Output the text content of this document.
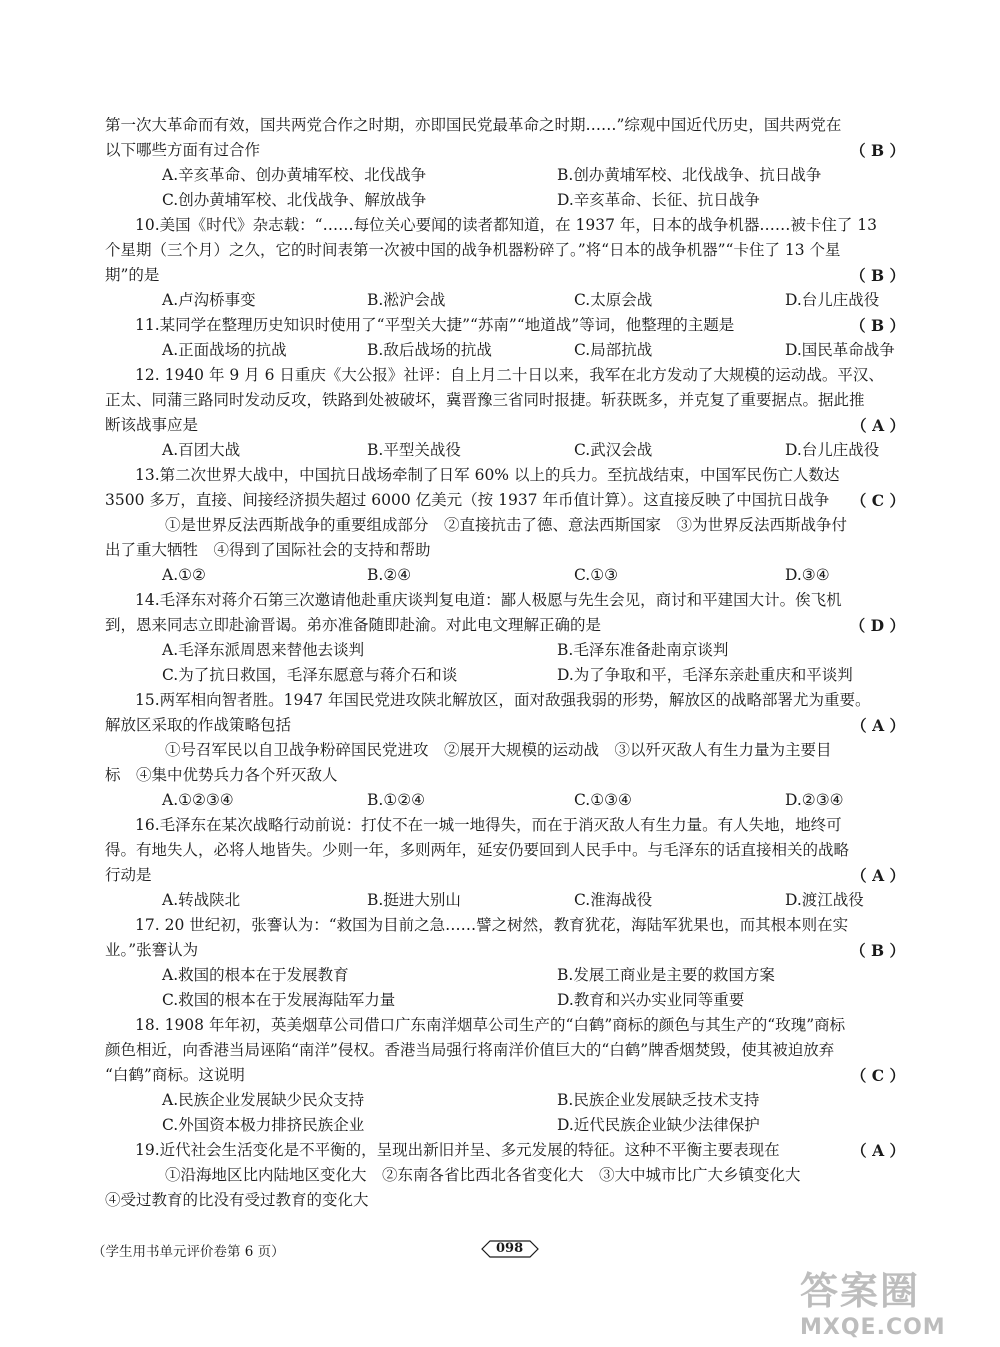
第一次大革命而有效，国共两党合作之时期，亦即国民党最革命之时期……”综观中国近代历史，国共两党在
以下哪些方面有过合作	（ B ）
A.辛亥革命、创办黄埔军校、北伐战争	B.创办黄埔军校、北伐战争、抗日战争
C.创办黄埔军校、北伐战争、解放战争	D.辛亥革命、长征、抗日战争
10.美国《时代》杂志载：“……每位关心要闻的读者都知道，在 1937 年，日本的战争机器……被卡住了 13
个星期（三个月）之久，它的时间表第一次被中国的战争机器粉碎了。”将“日本的战争机器”“卡住了 13 个星
期”的是	（ B ）
A.卢沟桥事变	B.淞沪会战	C.太原会战	D.台儿庄战役
11.某同学在整理历史知识时使用了“平型关大捷”“苏南”“地道战”等词，他整理的主题是	（ B ）
A.正面战场的抗战	B.敌后战场的抗战	C.局部抗战	D.国民革命战争
12. 1940 年 9 月 6 日重庆《大公报》社评：自上月二十日以来，我军在北方发动了大规模的运动战。平汉、
正太、同蒲三路同时发动反攻，铁路到处被破坏，冀晋豫三省同时报捷。斩获既多，并克复了重要据点。据此推
断该战事应是	（ A ）
A.百团大战	B.平型关战役	C.武汉会战	D.台儿庄战役
13.第二次世界大战中，中国抗日战场牵制了日军 60% 以上的兵力。至抗战结束，中国军民伤亡人数达
3500 多万，直接、间接经济损失超过 6000 亿美元（按 1937 年币值计算）。这直接反映了中国抗日战争 （ C ）
①是世界反法西斯战争的重要组成部分　②直接抗击了德、意法西斯国家　③为世界反法西斯战争付
出了重大牺牲　④得到了国际社会的支持和帮助
A.①②	B.②④	C.①③	D.③④
14.毛泽东对蒋介石第三次邀请他赴重庆谈判复电道：鄙人极愿与先生会见，商讨和平建国大计。俟飞机
到，恩来同志立即赴渝晋谒。弟亦准备随即赴渝。对此电文理解正确的是	（ D ）
A.毛泽东派周恩来替他去谈判	B.毛泽东准备赴南京谈判
C.为了抗日救国，毛泽东愿意与蒋介石和谈	D.为了争取和平，毛泽东亲赴重庆和平谈判
15.两军相向智者胜。1947 年国民党进攻陕北解放区，面对敌强我弱的形势，解放区的战略部署尤为重要。
解放区采取的作战策略包括	（ A ）
①号召军民以自卫战争粉碎国民党进攻　②展开大规模的运动战　③以歼灭敌人有生力量为主要目
标　④集中优势兵力各个歼灭敌人
A.①②③④	B.①②④	C.①③④	D.②③④
16.毛泽东在某次战略行动前说：打仗不在一城一地得失，而在于消灭敌人有生力量。有人失地，地终可
得。有地失人，必将人地皆失。少则一年，多则两年，延安仍要回到人民手中。与毛泽东的话直接相关的战略
行动是	（ A ）
A.转战陕北	B.挺进大别山	C.淮海战役	D.渡江战役
17. 20 世纪初，张謇认为：“救国为目前之急……譬之树然，教育犹花，海陆军犹果也，而其根本则在实
业。”张謇认为	（ B ）
A.救国的根本在于发展教育	B.发展工商业是主要的救国方案
C.救国的根本在于发展海陆军力量	D.教育和兴办实业同等重要
18. 1908 年年初，英美烟草公司借口广东南洋烟草公司生产的“白鹤”商标的颜色与其生产的“玫瑰”商标
颜色相近，向香港当局诬陷“南洋”侵权。香港当局强行将南洋价值巨大的“白鹤”牌香烟焚毁，使其被迫放弃
“白鹤”商标。这说明	（ C ）
A.民族企业发展缺少民众支持	B.民族企业发展缺乏技术支持
C.外国资本极力排挤民族企业	D.近代民族企业缺少法律保护
19.近代社会生活变化是不平衡的，呈现出新旧并呈、多元发展的特征。这种不平衡主要表现在	（ A ）
①沿海地区比内陆地区变化大　②东南各省比西北各省变化大　③大中城市比广大乡镇变化大
④受过教育的比没有受过教育的变化大
（学生用书单元评价卷第 6 页）	098
答案圈
MXQE.COM
